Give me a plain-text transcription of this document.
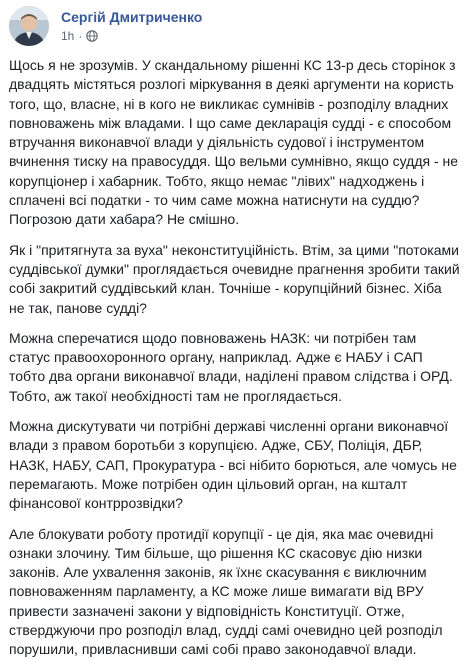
Сергій Дмитриченко
1h ·

Щось я не зрозумів. У скандальному рішенні КС 13-р десь сторінок з двадцять містяться розлогі міркування в деякі аргументи на користь того, що, власне, ні в кого не викликає сумнівів - розподілу владних повноважень між владами. І що саме декларація судді - є способом втручання виконавчої влади у діяльність судової і інструментом вчинення тиску на правосуддя. Що вельми сумнівно, якщо суддя - не корупціонер і хабарник. Тобто, якщо немає "лівих" надходжень і сплачені всі податки - то чим саме можна натиснути на суддю? Погрозою дати хабара? Не смішно.

Як і "притягнута за вуха" неконституційність. Втім, за цими "потоками суддівської думки" проглядається очевидне прагнення зробити такий собі закритий суддівський клан. Точніше - корупційний бізнес. Хіба не так, панове судді?

Можна сперечатися щодо повноважень НАЗК: чи потрібен там статус правоохоронного органу, наприклад. Адже є НАБУ і САП тобто два органи виконавчої влади, наділені правом слідства і ОРД. Тобто, аж такої необхідності там не проглядається.

Можна дискутувати чи потрібні державі численні органи виконавчої влади з правом боротьби з корупцією. Адже, СБУ, Поліція, ДБР, НАЗК, НАБУ, САП, Прокуратура - всі нібито борються, але чомусь не перемагають. Може потрібен один цільовий орган, на кшталт фінансової контррозвідки?

Але блокувати роботу протидії корупції - це дія, яка має очевидні ознаки злочину. Тим більше, що рішення КС скасовує дію низки законів. Але ухвалення законів, як їхнє скасування є виключним повноваженням парламенту, а КС може лише вимагати від ВРУ привести зазначені закони у відповідність Конституції. Отже, стверджуючи про розподіл влад, судді самі очевидно цей розподіл порушили, привласнивши самі собі право законодавчої влади.
